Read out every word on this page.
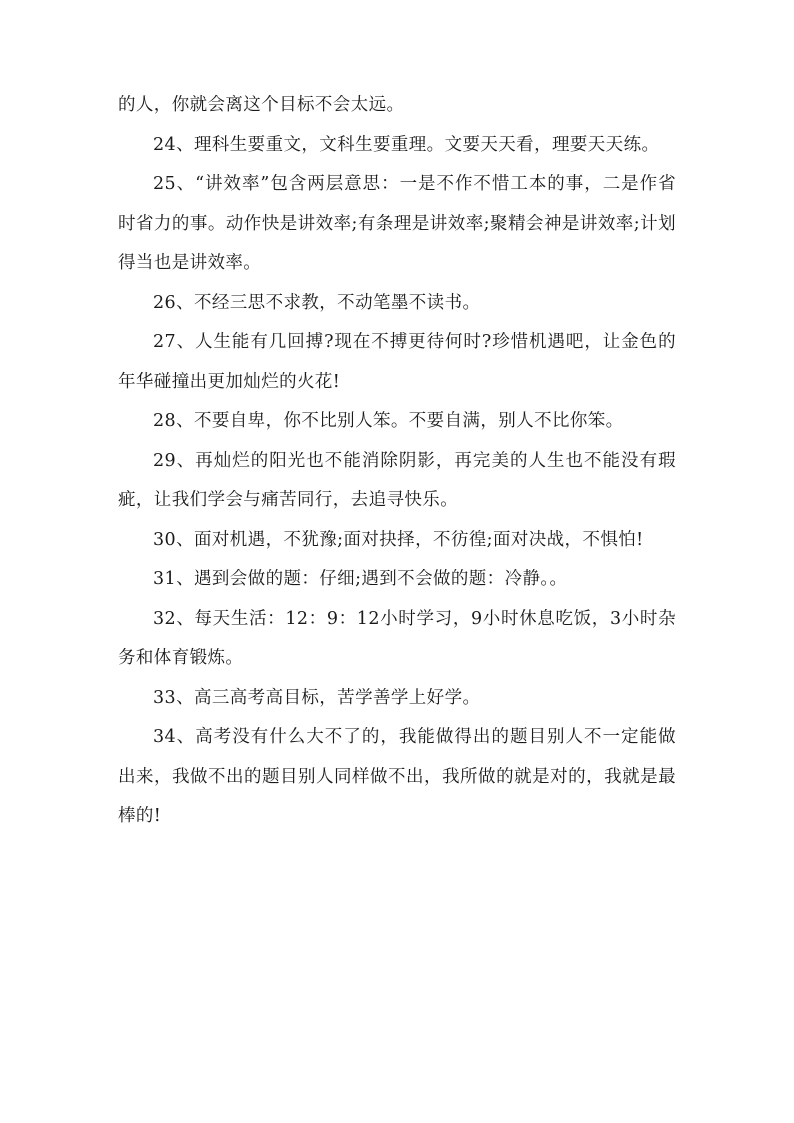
的人，你就会离这个目标不会太远。

24、理科生要重文，文科生要重理。文要天天看，理要天天练。

25、“讲效率”包含两层意思：一是不作不惜工本的事，二是作省时省力的事。动作快是讲效率;有条理是讲效率;聚精会神是讲效率;计划得当也是讲效率。

26、不经三思不求教，不动笔墨不读书。

27、人生能有几回搏?现在不搏更待何时?珍惜机遇吧，让金色的年华碰撞出更加灿烂的火花!

28、不要自卑，你不比别人笨。不要自满，别人不比你笨。

29、再灿烂的阳光也不能消除阴影，再完美的人生也不能没有瑕疵，让我们学会与痛苦同行，去追寻快乐。

30、面对机遇，不犹豫;面对抉择，不彷徨;面对决战，不惧怕!

31、遇到会做的题：仔细;遇到不会做的题：冷静。。

32、每天生活：12：9：12小时学习，9小时休息吃饭，3小时杂务和体育锻炼。

33、高三高考高目标，苦学善学上好学。

34、高考没有什么大不了的，我能做得出的题目别人不一定能做出来，我做不出的题目别人同样做不出，我所做的就是对的，我就是最棒的!
